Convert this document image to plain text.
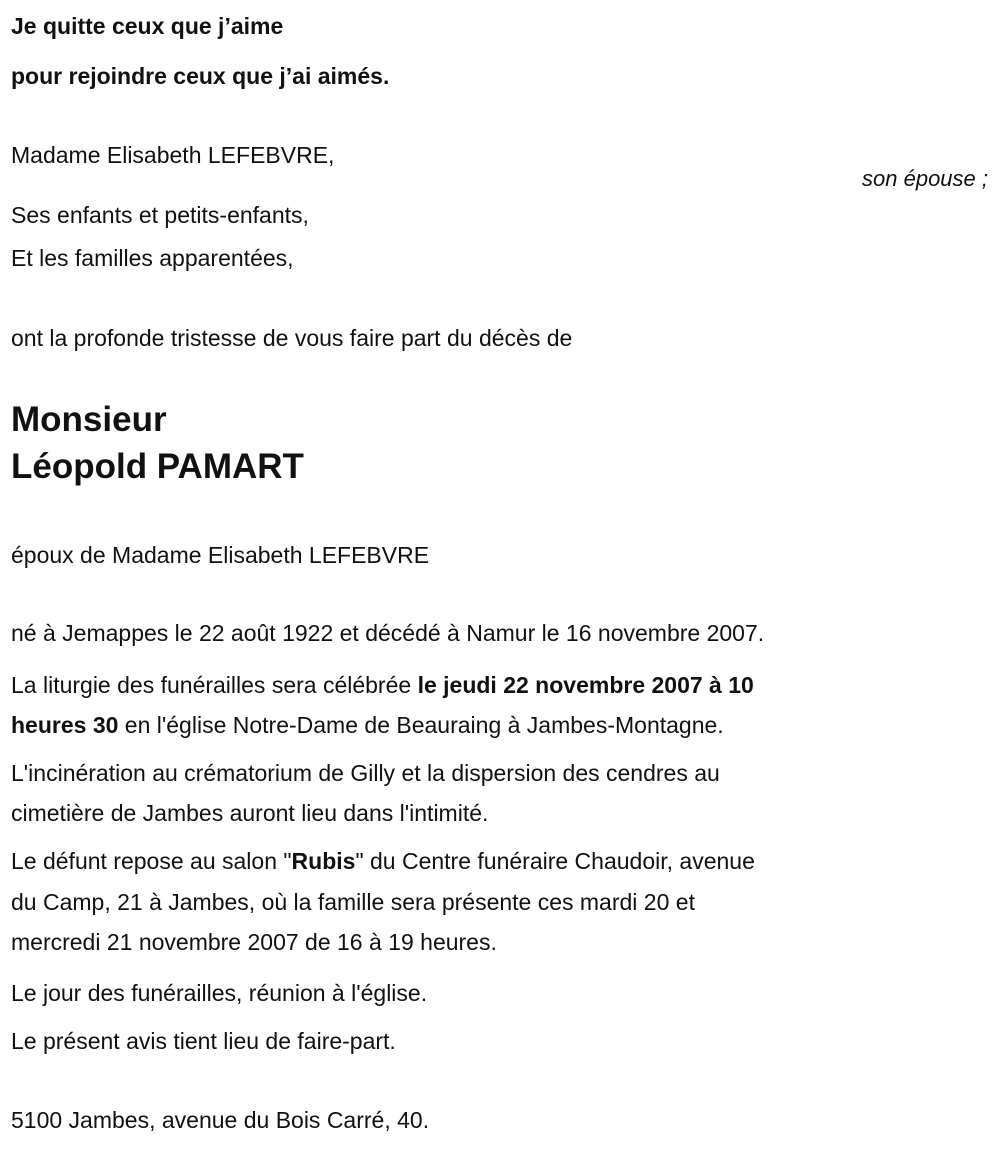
Je quitte ceux que j’aime
pour rejoindre ceux que j’ai aimés.
Madame Elisabeth LEFEBVRE,
son épouse ;
Ses enfants et petits-enfants,
Et les familles apparentées,
ont la profonde tristesse de vous faire part du décès de
Monsieur
Léopold PAMART
époux de Madame Elisabeth LEFEBVRE
né à Jemappes le 22 août 1922 et décédé à Namur le 16 novembre 2007.
La liturgie des funérailles sera célébrée le jeudi 22 novembre 2007 à 10
heures 30 en l'église Notre-Dame de Beauraing à Jambes-Montagne.
L'incinération au crématorium de Gilly et la dispersion des cendres au
cimetière de Jambes auront lieu dans l'intimité.
Le défunt repose au salon "Rubis" du Centre funéraire Chaudoir, avenue
du Camp, 21 à Jambes, où la famille sera présente ces mardi 20 et
mercredi 21 novembre 2007 de 16 à 19 heures.
Le jour des funérailles, réunion à l'église.
Le présent avis tient lieu de faire-part.
5100 Jambes, avenue du Bois Carré, 40.
